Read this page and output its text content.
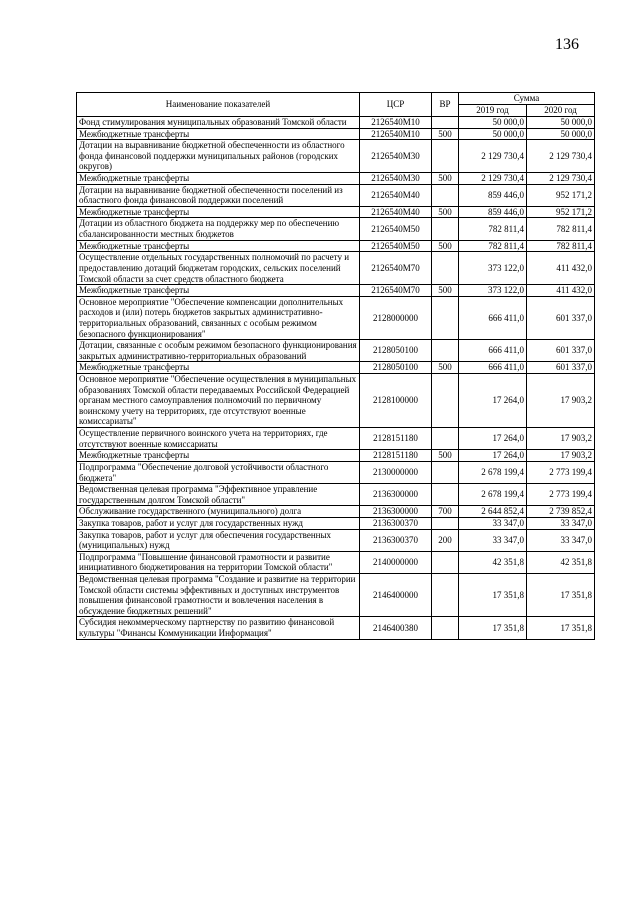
136
Наименование показателей	ЦСР	ВР	Сумма	
			2019 год	2020 год
Фонд стимулирования муниципальных образований Томской области	2126540M10		50 000,0	50 000,0
Межбюджетные трансферты	2126540M10	500	50 000,0	50 000,0
Дотации на выравнивание бюджетной обеспеченности из областного фонда финансовой поддержки муниципальных районов (городских округов)	2126540M30		2 129 730,4	2 129 730,4
Межбюджетные трансферты	2126540M30	500	2 129 730,4	2 129 730,4
Дотации на выравнивание бюджетной обеспеченности поселений из областного фонда финансовой поддержки поселений	2126540M40		859 446,0	952 171,2
Межбюджетные трансферты	2126540M40	500	859 446,0	952 171,2
Дотации из областного бюджета на поддержку мер по обеспечению сбалансированности местных бюджетов	2126540M50		782 811,4	782 811,4
Межбюджетные трансферты	2126540M50	500	782 811,4	782 811,4
Осуществление отдельных государственных полномочий по расчету и предоставлению дотаций бюджетам городских, сельских поселений Томской области за счет средств областного бюджета	2126540M70		373 122,0	411 432,0
Межбюджетные трансферты	2126540M70	500	373 122,0	411 432,0
Основное мероприятие "Обеспечение компенсации дополнительных расходов и (или) потерь бюджетов закрытых административно-территориальных образований, связанных с особым режимом безопасного функционирования"	2128000000		666 411,0	601 337,0
Дотации, связанные с особым режимом безопасного функционирования закрытых административно-территориальных образований	2128050100		666 411,0	601 337,0
Межбюджетные трансферты	2128050100	500	666 411,0	601 337,0
Основное мероприятие "Обеспечение осуществления в муниципальных образованиях Томской области передаваемых Российской Федерацией органам местного самоуправления полномочий по первичному воинскому учету на территориях, где отсутствуют военные комиссариаты"	2128100000		17 264,0	17 903,2
Осуществление первичного воинского учета на территориях, где отсутствуют военные комиссариаты	2128151180		17 264,0	17 903,2
Межбюджетные трансферты	2128151180	500	17 264,0	17 903,2
Подпрограмма "Обеспечение долговой устойчивости областного бюджета"	2130000000		2 678 199,4	2 773 199,4
Ведомственная целевая программа "Эффективное управление государственным долгом Томской области"	2136300000		2 678 199,4	2 773 199,4
Обслуживание государственного (муниципального) долга	2136300000	700	2 644 852,4	2 739 852,4
Закупка товаров, работ и услуг для государственных нужд	2136300370		33 347,0	33 347,0
Закупка товаров, работ и услуг для обеспечения государственных (муниципальных) нужд	2136300370	200	33 347,0	33 347,0
Подпрограмма "Повышение финансовой грамотности и развитие инициативного бюджетирования на территории Томской области"	2140000000		42 351,8	42 351,8
Ведомственная целевая программа "Создание и развитие на территории Томской области системы эффективных и доступных инструментов повышения финансовой грамотности и вовлечения населения в обсуждение бюджетных решений"	2146400000		17 351,8	17 351,8
Субсидия некоммерческому партнерству по развитию финансовой культуры "Финансы Коммуникации Информация"	2146400380		17 351,8	17 351,8
